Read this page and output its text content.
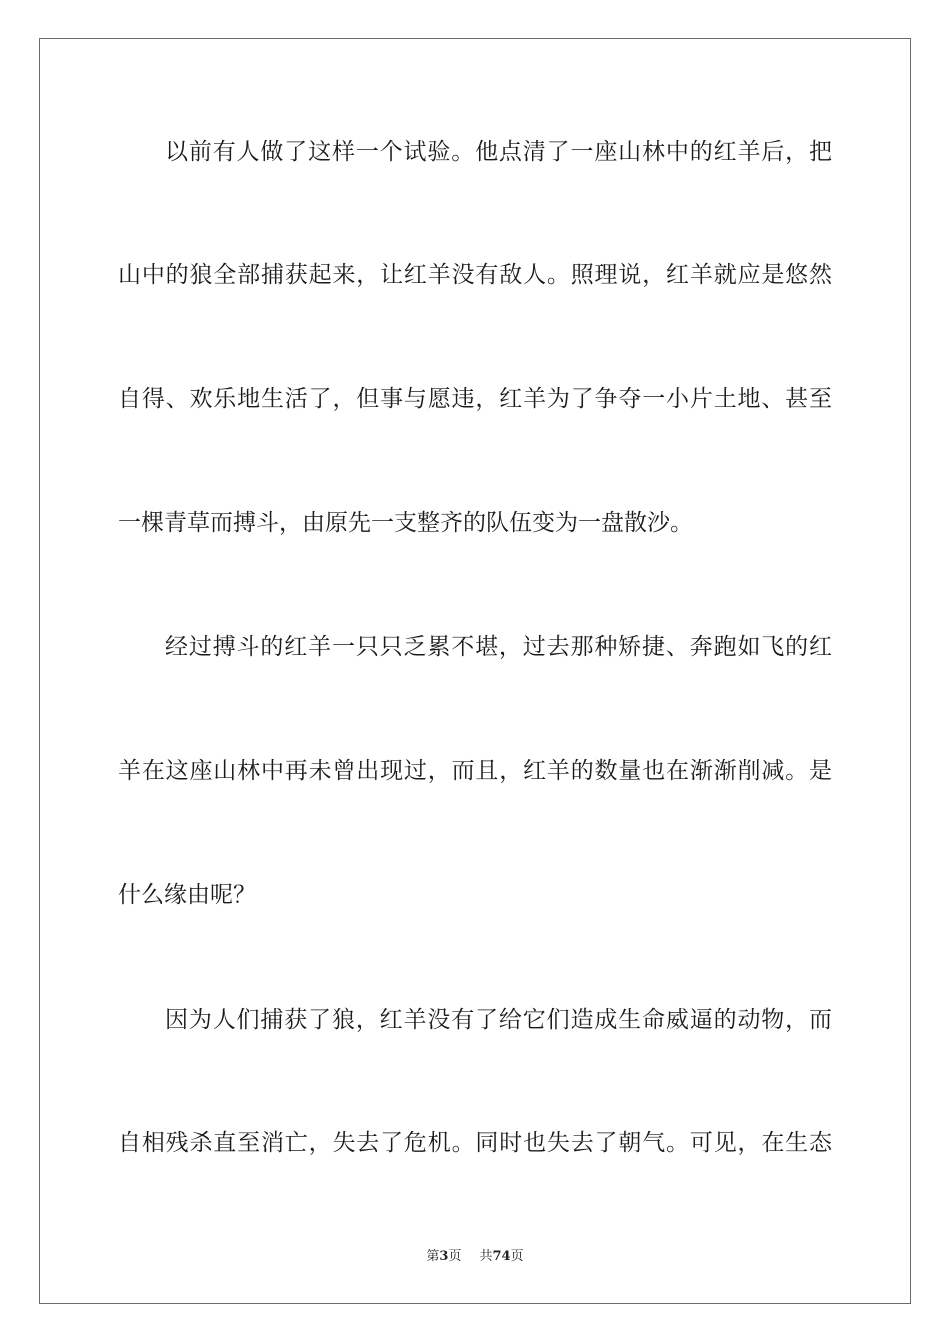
以前有人做了这样一个试验。他点清了一座山林中的红羊后，把
山中的狼全部捕获起来，让红羊没有敌人。照理说，红羊就应是悠然
自得、欢乐地生活了，但事与愿违，红羊为了争夺一小片土地、甚至
一棵青草而搏斗，由原先一支整齐的队伍变为一盘散沙。
经过搏斗的红羊一只只乏累不堪，过去那种矫捷、奔跑如飞的红
羊在这座山林中再未曾出现过，而且，红羊的数量也在渐渐削减。是
什么缘由呢？
因为人们捕获了狼，红羊没有了给它们造成生命威逼的动物，而
自相残杀直至消亡，失去了危机。同时也失去了朝气。可见，在生态
第3页 共74页
